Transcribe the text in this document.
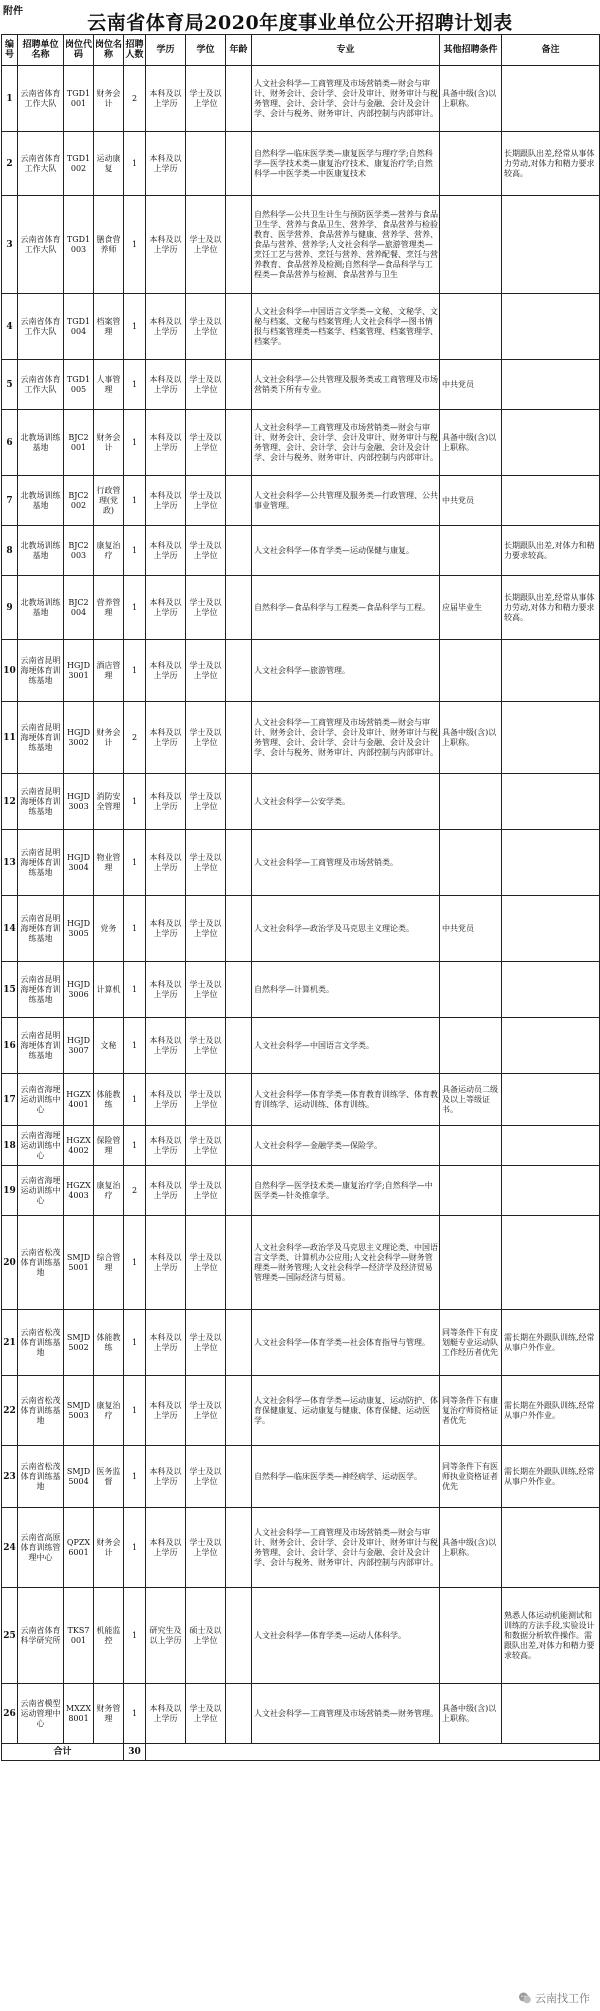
附件
云南省体育局2020年度事业单位公开招聘计划表
编号	招聘单位名称	岗位代码	岗位名称	招聘人数	学历	学位	年龄	专业	其他招聘条件	备注
1	云南省体育工作大队	TGD1 001	财务会计	2	本科及以上学历	学士及以上学位		人文社会科学—工商管理及市场营销类—财会与审计、财务会计、会计学、会计及审计、财务审计与税务管理、会计、会计学、会计与金融、会计及会计学、会计与税务、财务审计、内部控制与内部审计。	具备中级(含)以上职称。	
2	云南省体育工作大队	TGD1 002	运动康复	1	本科及以上学历			自然科学—临床医学类—康复医学与理疗学;自然科学—医学技术类—康复治疗技术、康复治疗学;自然科学—中医学类—中医康复技术		长期跟队出差,经常从事体力劳动,对体力和精力要求较高。
3	云南省体育工作大队	TGD1 003	膳食营养师	1	本科及以上学历	学士及以上学位		自然科学—公共卫生计生与预防医学类—营养与食品卫生学、营养与食品卫生、营养学、食品营养与检验教育、医学营养、食品营养与健康、营养学、营养、食品与营养、营养学;人文社会科学—旅游管理类—烹饪工艺与营养、烹饪与营养、营养配餐、烹饪与营养教育、食品营养及检测;自然科学—食品科学与工程类—食品营养与检测、食品营养与卫生		
4	云南省体育工作大队	TGD1 004	档案管理	1	本科及以上学历	学士及以上学位		人文社会科学—中国语言文学类—文秘、文秘学、文秘与档案、文秘与档案管理;人文社会科学—图书情报与档案管理类—档案学、档案管理、档案管理学、档案学。		
5	云南省体育工作大队	TGD1 005	人事管理	1	本科及以上学历	学士及以上学位		人文社会科学—公共管理及服务类或工商管理及市场营销类下所有专业。	中共党员	
6	北教场训练基地	BJC2 001	财务会计	1	本科及以上学历	学士及以上学位		人文社会科学—工商管理及市场营销类—财会与审计、财务会计、会计学、会计及审计、财务审计与税务管理、会计、会计学、会计与金融、会计及会计学、会计与税务、财务审计、内部控制与内部审计。	具备中级(含)以上职称。	
7	北教场训练基地	BJC2 002	行政管理(党政)	1	本科及以上学历	学士及以上学位		人文社会科学—公共管理及服务类—行政管理、公共事业管理。	中共党员	
8	北教场训练基地	BJC2 003	康复治疗	1	本科及以上学历	学士及以上学位		人文社会科学—体育学类—运动保健与康复。		长期跟队出差,对体力和精力要求较高。
9	北教场训练基地	BJC2 004	营养管理	1	本科及以上学历	学士及以上学位		自然科学—食品科学与工程类—食品科学与工程。	应届毕业生	长期跟队出差,经常从事体力劳动,对体力和精力要求较高。
10	云南省昆明海埂体育训练基地	HGJD 3001	酒店管理	1	本科及以上学历	学士及以上学位		人文社会科学—旅游管理。		
11	云南省昆明海埂体育训练基地	HGJD 3002	财务会计	2	本科及以上学历	学士及以上学位		人文社会科学—工商管理及市场营销类—财会与审计、财务会计、会计学、会计及审计、财务审计与税务管理、会计、会计学、会计与金融、会计及会计学、会计与税务、财务审计、内部控制与内部审计。	具备中级(含)以上职称。	
12	云南省昆明海埂体育训练基地	HGJD 3003	消防安全管理	1	本科及以上学历	学士及以上学位		人文社会科学—公安学类。		
13	云南省昆明海埂体育训练基地	HGJD 3004	物业管理	1	本科及以上学历	学士及以上学位		人文社会科学—工商管理及市场营销类。		
14	云南省昆明海埂体育训练基地	HGJD 3005	党务	1	本科及以上学历	学士及以上学位		人文社会科学—政治学及马克思主义理论类。	中共党员	
15	云南省昆明海埂体育训练基地	HGJD 3006	计算机	1	本科及以上学历	学士及以上学位		自然科学—计算机类。		
16	云南省昆明海埂体育训练基地	HGJD 3007	文秘	1	本科及以上学历	学士及以上学位		人文社会科学—中国语言文学类。		
17	云南省海埂运动训练中心	HGZX 4001	体能教练	1	本科及以上学历	学士及以上学位		人文社会科学—体育学类—体育教育训练学、体育教育训练学、运动训练、体育训练。	具备运动员二级及以上等级证书。	
18	云南省海埂运动训练中心	HGZX 4002	保险管理	1	本科及以上学历	学士及以上学位		人文社会科学—金融学类—保险学。		
19	云南省海埂运动训练中心	HGZX 4003	康复治疗	2	本科及以上学历	学士及以上学位		自然科学—医学技术类—康复治疗学;自然科学—中医学类—针灸推拿学。		
20	云南省松茂体育训练基地	SMJD 5001	综合管理	1	本科及以上学历	学士及以上学位		人文社会科学—政治学及马克思主义理论类、中国语言文学类、计算机办公应用;人文社会科学—财务管理类—财务管理;人文社会科学—经济学及经济贸易管理类—国际经济与贸易。		
21	云南省松茂体育训练基地	SMJD 5002	体能教练	1	本科及以上学历	学士及以上学位		人文社会科学—体育学类—社会体育指导与管理。	同等条件下有皮划艇专业运动队工作经历者优先	需长期在外跟队训练,经常从事户外作业。
22	云南省松茂体育训练基地	SMJD 5003	康复治疗	1	本科及以上学历	学士及以上学位		人文社会科学—体育学类—运动康复、运动防护、体育保健康复、运动康复与健康、体育保健、运动医学。	同等条件下有康复治疗师资格证者优先	需长期在外跟队训练,经常从事户外作业。
23	云南省松茂体育训练基地	SMJD 5004	医务监督	1	本科及以上学历	学士及以上学位		自然科学—临床医学类—神经病学、运动医学。	同等条件下有医师执业资格证者优先	需长期在外跟队训练,经常从事户外作业。
24	云南省高原体育训练管理中心	QPZX 6001	财务会计	1	本科及以上学历	学士及以上学位		人文社会科学—工商管理及市场营销类—财会与审计、财务会计、会计学、会计及审计、财务审计与税务管理、会计、会计学、会计与金融、会计及会计学、会计与税务、财务审计、内部控制与内部审计。	具备中级(含)以上职称。	
25	云南省体育科学研究所	TKS7 001	机能监控	1	研究生及以上学历	硕士及以上学位		人文社会科学—体育学类—运动人体科学。		熟悉人体运动机能测试和训练的方法手段,实验设计和数据分析软件操作。需跟队出差,对体力和精力要求较高。
26	云南省模型运动管理中心	MXZX 8001	财务管理	1	本科及以上学历	学士及以上学位		人文社会科学—工商管理及市场营销类—财务管理。	具备中级(含)以上职称。	
合计				30						
云南找工作
